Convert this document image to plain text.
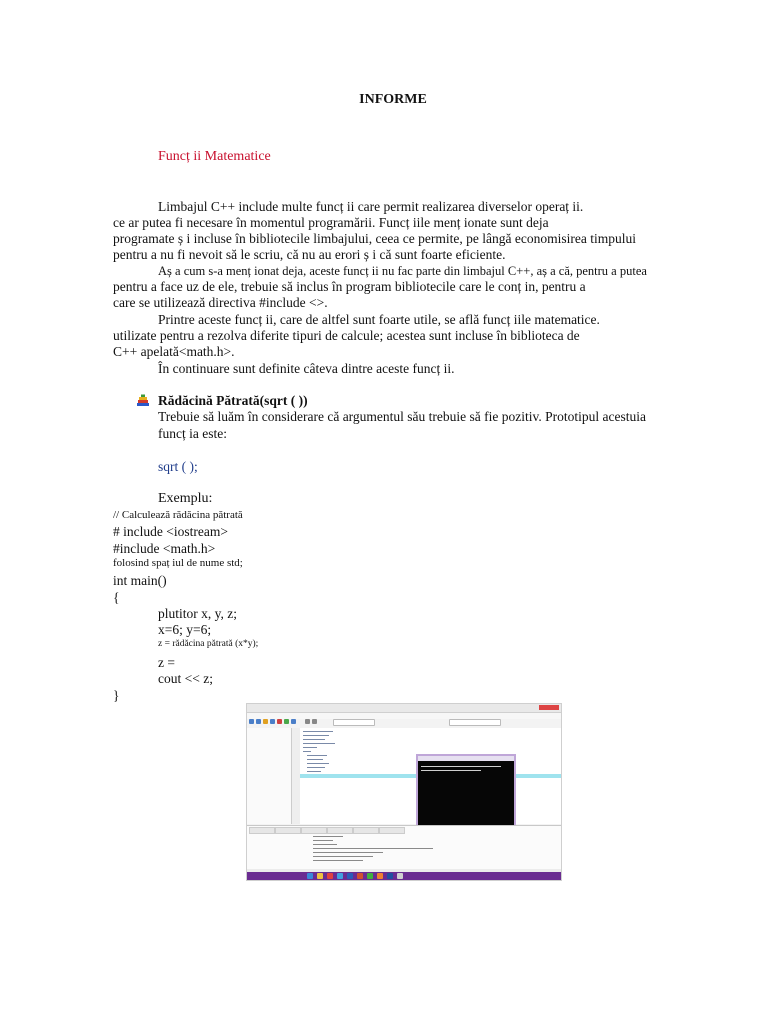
INFORME
Funcț ii Matematice
Limbajul C++ include multe funcț ii care permit realizarea diverselor operaț ii.
ce ar putea fi necesare în momentul programării. Funcț iile menț ionate sunt deja
programate ș i incluse în bibliotecile limbajului, ceea ce permite, pe lângă economisirea timpului
pentru a nu fi nevoit să le scriu, că nu au erori ș i că sunt foarte eficiente.
Aș a cum s-a menț ionat deja, aceste funcț ii nu fac parte din limbajul C++, aș a că, pentru a putea
pentru a face uz de ele, trebuie să inclus în program bibliotecile care le conț in, pentru a
care se utilizează directiva #include <>.
Printre aceste funcț ii, care de altfel sunt foarte utile, se află funcț iile matematice.
utilizate pentru a rezolva diferite tipuri de calcule; acestea sunt incluse în biblioteca de
C++ apelată<math.h>.
În continuare sunt definite câteva dintre aceste funcț ii.
Rădăcină Pătrată(sqrt ( ))
Trebuie să luăm în considerare că argumentul său trebuie să fie pozitiv. Prototipul acestuia
funcț ia este:
sqrt ( );
Exemplu:
// Calculează rădăcina pătrată
# include <iostream>
#include <math.h>
folosind spaț iul de nume std;
int main()
{
plutitor x, y, z;
x=6; y=6;
z = rădăcina pătrată (x*y);
z =
cout << z;
}
